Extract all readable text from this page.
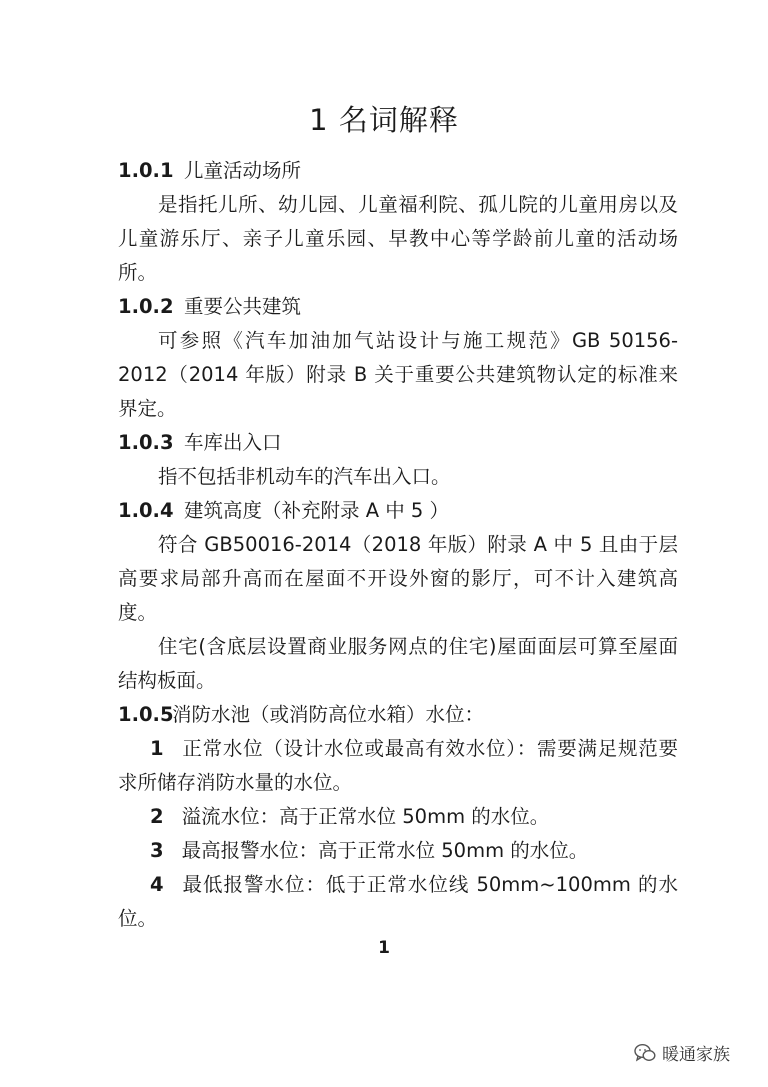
1 名词解释
1.0.1 儿童活动场所
是指托儿所、幼儿园、儿童福利院、孤儿院的儿童用房以及儿童游乐厅、亲子儿童乐园、早教中心等学龄前儿童的活动场所。
1.0.2 重要公共建筑
可参照《汽车加油加气站设计与施工规范》GB 50156-2012（2014 年版）附录 B 关于重要公共建筑物认定的标准来界定。
1.0.3 车库出入口
指不包括非机动车的汽车出入口。
1.0.4 建筑高度（补充附录 A 中 5 ）
符合 GB50016-2014（2018 年版）附录 A 中 5 且由于层高要求局部升高而在屋面不开设外窗的影厅，可不计入建筑高度。
住宅(含底层设置商业服务网点的住宅)屋面面层可算至屋面结构板面。
1.0.5
消防水池（或消防高位水箱）水位：
1 正常水位（设计水位或最高有效水位）：需要满足规范要求所储存消防水量的水位。
2 溢流水位：高于正常水位 50mm 的水位。
3 最高报警水位：高于正常水位 50mm 的水位。
4 最低报警水位：低于正常水位线 50mm~100mm 的水位。
1
暖通家族
